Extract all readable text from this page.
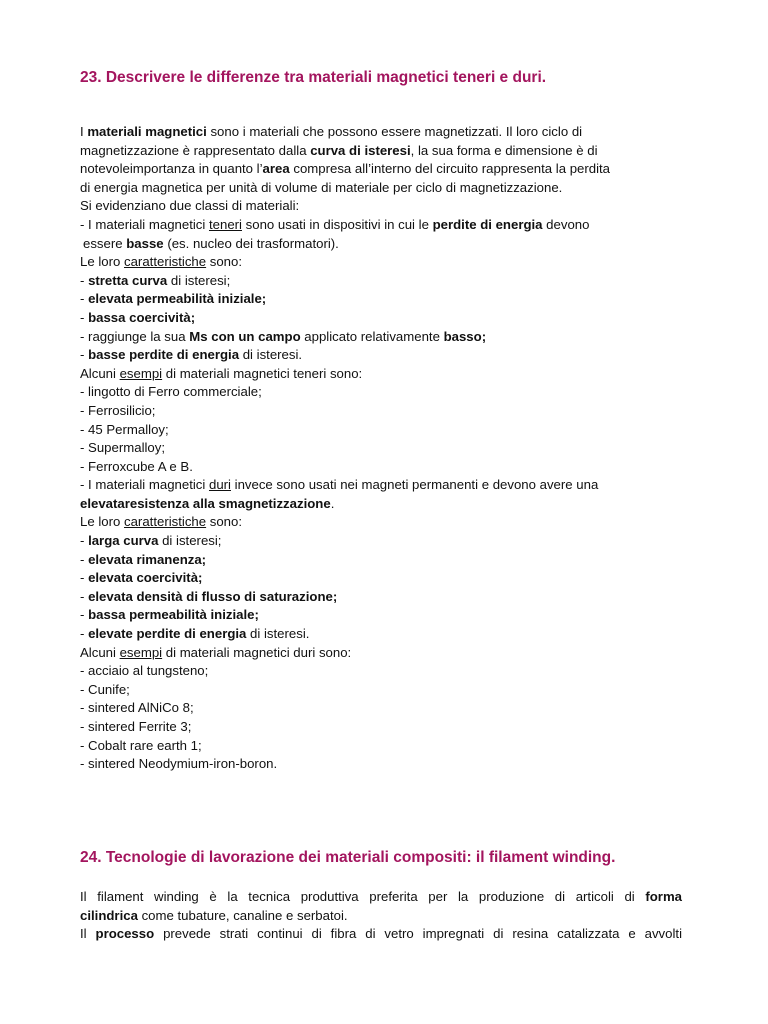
23. Descrivere le differenze tra materiali magnetici teneri e duri.
I materiali magnetici sono i materiali che possono essere magnetizzati. Il loro ciclo di
magnetizzazione è rappresentato dalla curva di isteresi, la sua forma e dimensione è di
notevoleimportanza in quanto l’area compresa all’interno del circuito rappresenta la perdita
di energia magnetica per unità di volume di materiale per ciclo di magnetizzazione.
Si evidenziano due classi di materiali:
- I materiali magnetici teneri sono usati in dispositivi in cui le perdite di energia devono
essere basse (es. nucleo dei trasformatori).
Le loro caratteristiche sono:
- stretta curva di isteresi;
- elevata permeabilità iniziale;
- bassa coercività;
- raggiunge la sua Ms con un campo applicato relativamente basso;
- basse perdite di energia di isteresi.
Alcuni esempi di materiali magnetici teneri sono:
- lingotto di Ferro commerciale;
- Ferrosilicio;
- 45 Permalloy;
- Supermalloy;
- Ferroxcube A e B.
- I materiali magnetici duri invece sono usati nei magneti permanenti e devono avere una
elevataresistenza alla smagnetizzazione.
Le loro caratteristiche sono:
- larga curva di isteresi;
- elevata rimanenza;
- elevata coercività;
- elevata densità di flusso di saturazione;
- bassa permeabilità iniziale;
- elevate perdite di energia di isteresi.
Alcuni esempi di materiali magnetici duri sono:
- acciaio al tungsteno;
- Cunife;
- sintered AlNiCo 8;
- sintered Ferrite 3;
- Cobalt rare earth 1;
- sintered Neodymium-iron-boron.
24. Tecnologie di lavorazione dei materiali compositi: il filament winding.
Il filament winding è la tecnica produttiva preferita per la produzione di articoli di forma
cilindrica come tubature, canaline e serbatoi.
Il processo prevede strati continui di fibra di vetro impregnati di resina catalizzata e avvolti
